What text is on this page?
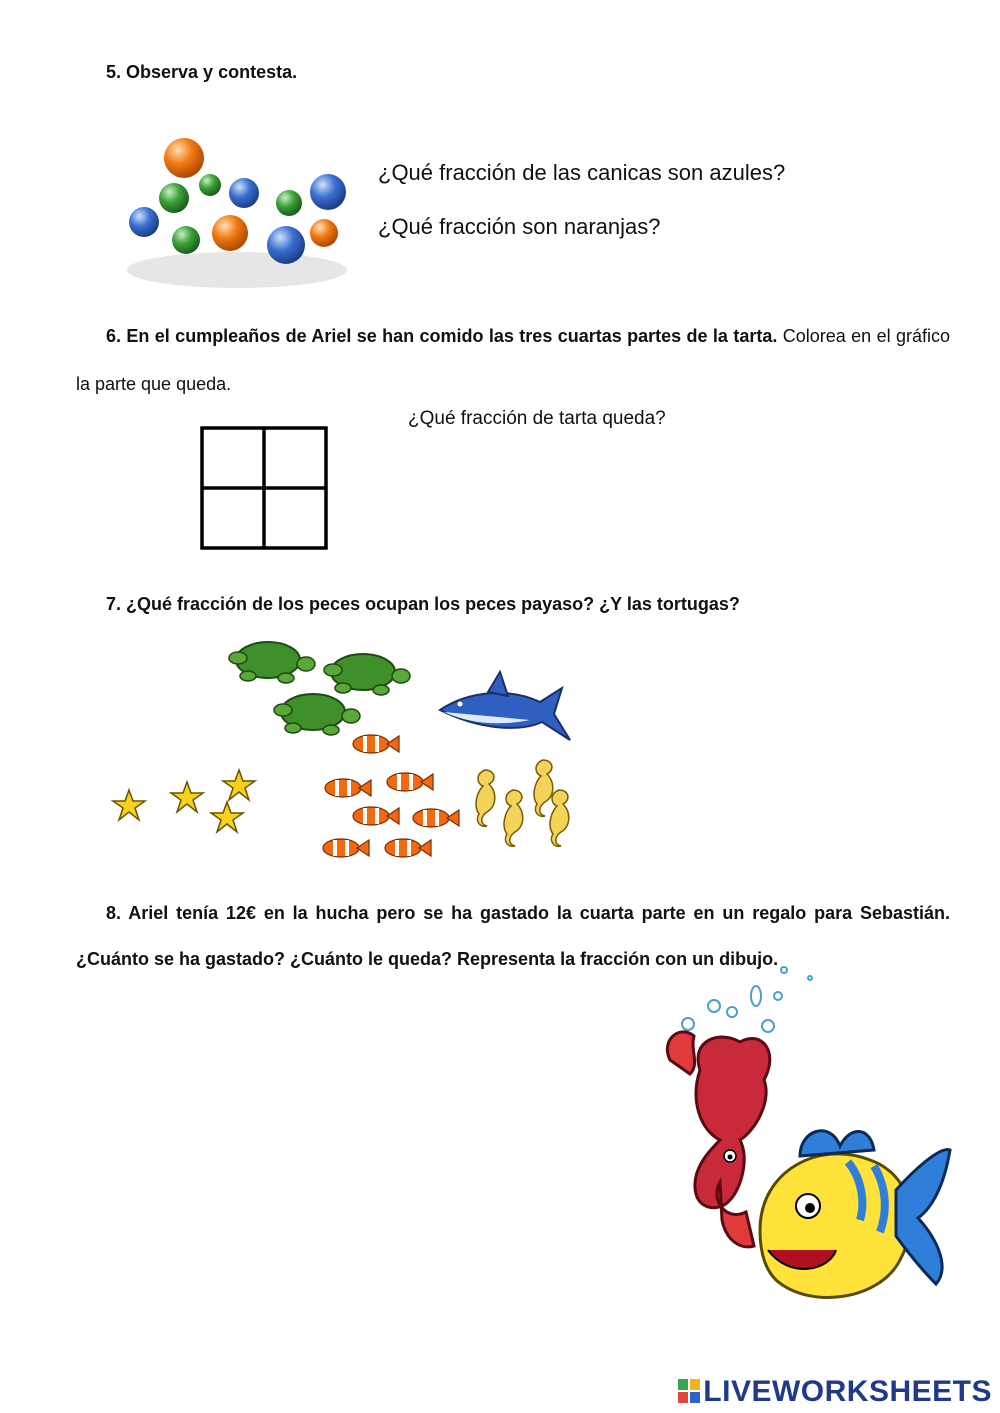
5. Observa y contesta.
¿Qué fracción de las canicas son azules?
¿Qué fracción son naranjas?
6. En el cumpleaños de Ariel se han comido las tres cuartas partes de la tarta. Colorea en el gráfico la parte que queda.
¿Qué fracción de tarta queda?
7. ¿Qué fracción de los peces ocupan los peces payaso? ¿Y las tortugas?
8. Ariel tenía 12€ en la hucha pero se ha gastado la cuarta parte en un regalo para Sebastián. ¿Cuánto se ha gastado? ¿Cuánto le queda? Representa la fracción con un dibujo.
LIVEWORKSHEETS
